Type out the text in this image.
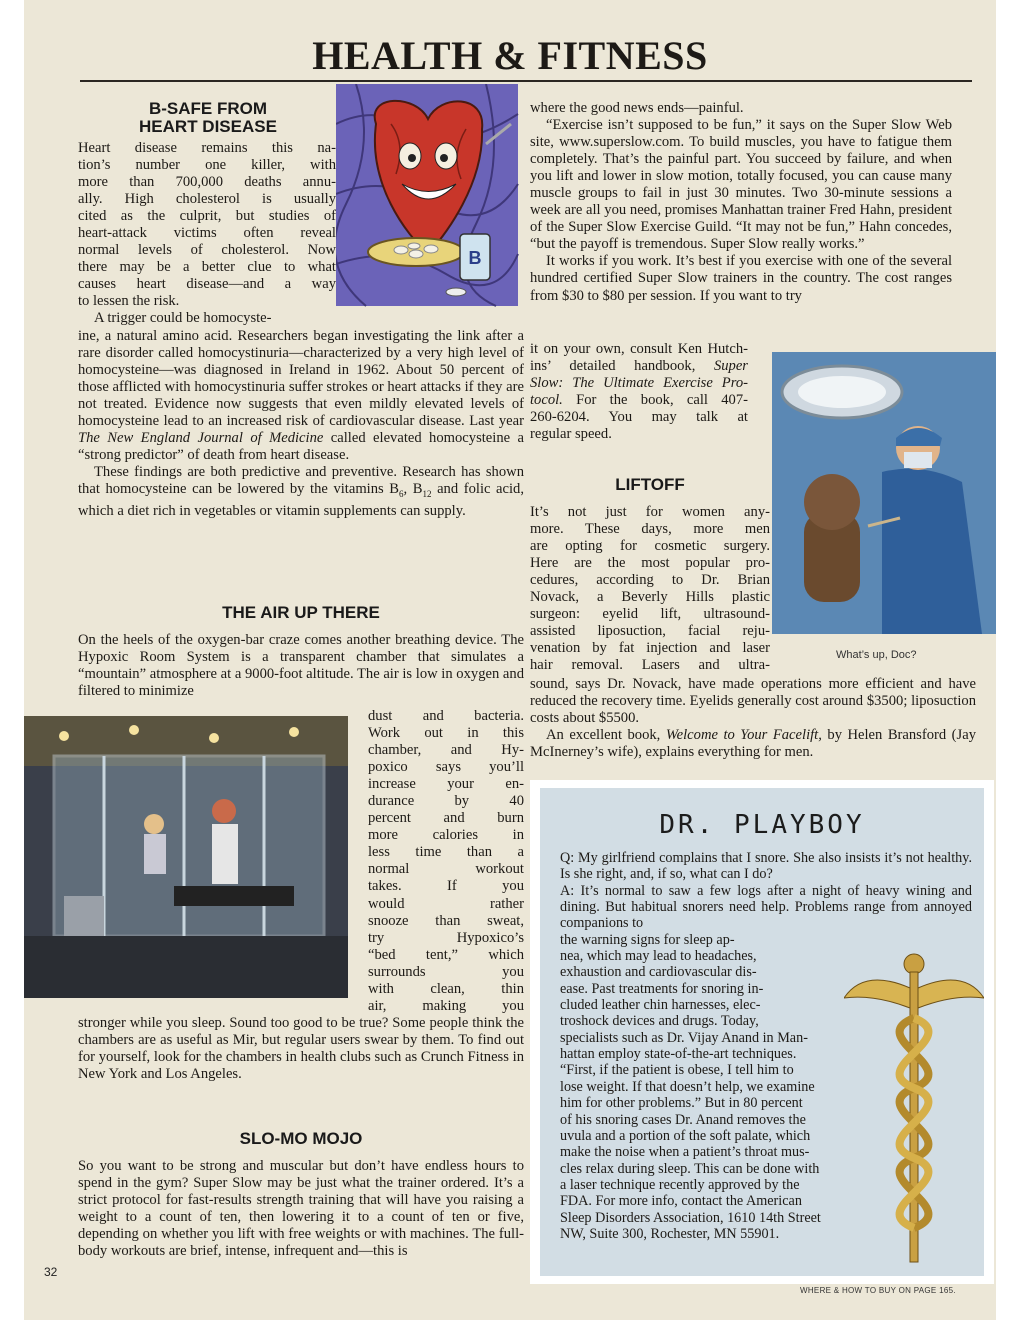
HEALTH & FITNESS
B

B-SAFE FROM

HEART DISEASE

Heart disease remains this na-
tion’s number one killer, with
more than 700,000 deaths annu-
ally. High cholesterol is usually
cited as the culprit, but studies of
heart-attack victims often reveal
normal levels of cholesterol. Now
there may be a better clue to what
causes heart disease—and a way
to lessen the risk.
A trigger could be homocyste-

ine, a natural amino acid. Researchers began investigating the link after a rare disorder called homocystinuria—characterized by a very high level of homocysteine—was diagnosed in Ireland in 1962. About 50 percent of those afflicted with homocystinuria suffer strokes or heart attacks if they are not treated. Evidence now suggests that even mildly elevated levels of homocysteine lead to an increased risk of cardiovascular disease. Last year The New England Journal of Medicine called elevated homocysteine a “strong predictor” of death from heart disease.

These findings are both predictive and preventive. Research has shown that homocysteine can be lowered by the vitamins $B_6$, $B_{12}$ and folic acid, which a diet rich in vegetables or vitamin supplements can supply.

THE AIR UP THERE

On the heels of the oxygen-bar craze comes another breathing device. The Hypoxic Room System is a transparent chamber that simulates a “mountain” atmosphere at a 9000-foot altitude. The air is low in oxygen and filtered to minimize

dust and bacteria.
Work out in this
chamber, and Hy-
poxico says you’ll
increase your en-
durance by 40
percent and burn
more calories in
less time than a
normal workout
takes. If you
would rather
snooze than sweat,
try Hypoxico’s
“bed tent,” which
surrounds you
with clean, thin
air, making you
stronger while you sleep. Sound too good to be true? Some people think the chambers are as useful as Mir, but regular users swear by them. To find out for yourself, look for the chambers in health clubs such as Crunch Fitness in New York and Los Angeles.

SLO-MO MOJO

So you want to be strong and muscular but don’t have endless hours to spend in the gym? Super Slow may be just what the trainer ordered. It’s a strict protocol for fast-results strength training that will have you raising a weight to a count of ten, then lowering it to a count of ten or five, depending on whether you lift with free weights or with machines. The full-body workouts are brief, intense, infrequent and—this is

32

where the good news ends—painful.

“Exercise isn’t supposed to be fun,” it says on the Super Slow Web site, www.superslow.com. To build muscles, you have to fatigue them completely. That’s the painful part. You succeed by failure, and when you lift and lower in slow motion, totally focused, you can cause many muscle groups to fail in just 30 minutes. Two 30-minute sessions a week are all you need, promises Manhattan trainer Fred Hahn, president of the Super Slow Exercise Guild. “It may not be fun,” Hahn concedes, “but the payoff is tremendous. Super Slow really works.”

It works if you work. It’s best if you exercise with one of the several hundred certified Super Slow trainers in the country. The cost ranges from $30 to $80 per session. If you want to try

it on your own, consult Ken Hutch-
ins’ detailed handbook, Super
Slow: The Ultimate Exercise Pro-
tocol. For the book, call 407-
260-6204. You may talk at
regular speed.
What’s up, Doc?

LIFTOFF

It’s not just for women any-
more. These days, more men
are opting for cosmetic surgery.
Here are the most popular pro-
cedures, according to Dr. Brian
Novack, a Beverly Hills plastic
surgeon: eyelid lift, ultrasound-
assisted liposuction, facial reju-
venation by fat injection and laser
hair removal. Lasers and ultra-

sound, says Dr. Novack, have made operations more efficient and have reduced the recovery time. Eyelids generally cost around $3500; liposuction costs about $5500.

An excellent book, Welcome to Your Facelift, by Helen Bransford (Jay McInerney’s wife), explains everything for men.

DR. PLAYBOY

Q: My girlfriend complains that I snore. She also insists it’s not healthy. Is she right, and, if so, what can I do?

A: It’s normal to saw a few logs after a night of heavy wining and dining. But habitual snorers need help. Problems range from annoyed companions to

the warning signs for sleep ap-
nea, which may lead to headaches,
exhaustion and cardiovascular dis-
ease. Past treatments for snoring in-
cluded leather chin harnesses, elec-
troshock devices and drugs. Today,
specialists such as Dr. Vijay Anand in Man-
hattan employ state-of-the-art techniques.
“First, if the patient is obese, I tell him to
lose weight. If that doesn’t help, we examine
him for other problems.” But in 80 percent
of his snoring cases Dr. Anand removes the
uvula and a portion of the soft palate, which
make the noise when a patient’s throat mus-
cles relax during sleep. This can be done with
a laser technique recently approved by the
FDA. For more info, contact the American
Sleep Disorders Association, 1610 14th Street
NW, Suite 300, Rochester, MN 55901.
WHERE & HOW TO BUY ON PAGE 165.
